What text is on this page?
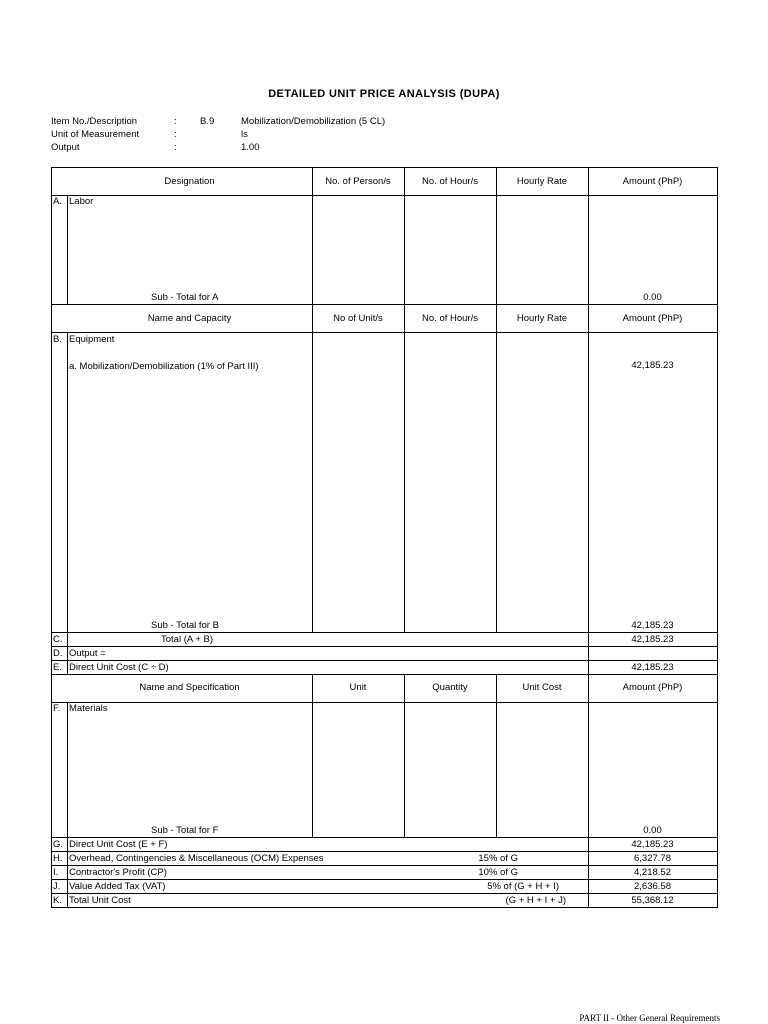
DETAILED UNIT PRICE ANALYSIS (DUPA)
Item No./Description	: B.9	Mobilization/Demobilization (5 CL)
Unit of Measurement	:	ls
Output	:	1.00
Designation	No. of Person/s	No. of Hour/s	Hourly Rate	Amount (PhP)
A. Labor
Sub - Total for A	0.00
Name and Capacity	No of Unit/s	No. of Hour/s	Hourly Rate	Amount (PhP)
B. Equipment
a. Mobilization/Demobilization (1% of Part III)	42,185.23
Sub - Total for B	42,185.23
C.	Total (A + B)	42,185.23
D. Output =
E. Direct Unit Cost (C ÷ D)	42,185.23
Name and Specification	Unit	Quantity	Unit Cost	Amount (PhP)
F. Materials
Sub - Total for F	0.00
G. Direct Unit Cost (E + F)	42,185.23
H. Overhead, Contingencies & Miscellaneous (OCM) Expenses	15% of G	6,327.78
I. Contractor's Profit (CP)	10% of G	4,218.52
J. Value Added Tax (VAT)	5% of (G + H + I)	2,636.58
K. Total Unit Cost	(G + H + I + J)	55,368.12
PART II - Other General Requirements
